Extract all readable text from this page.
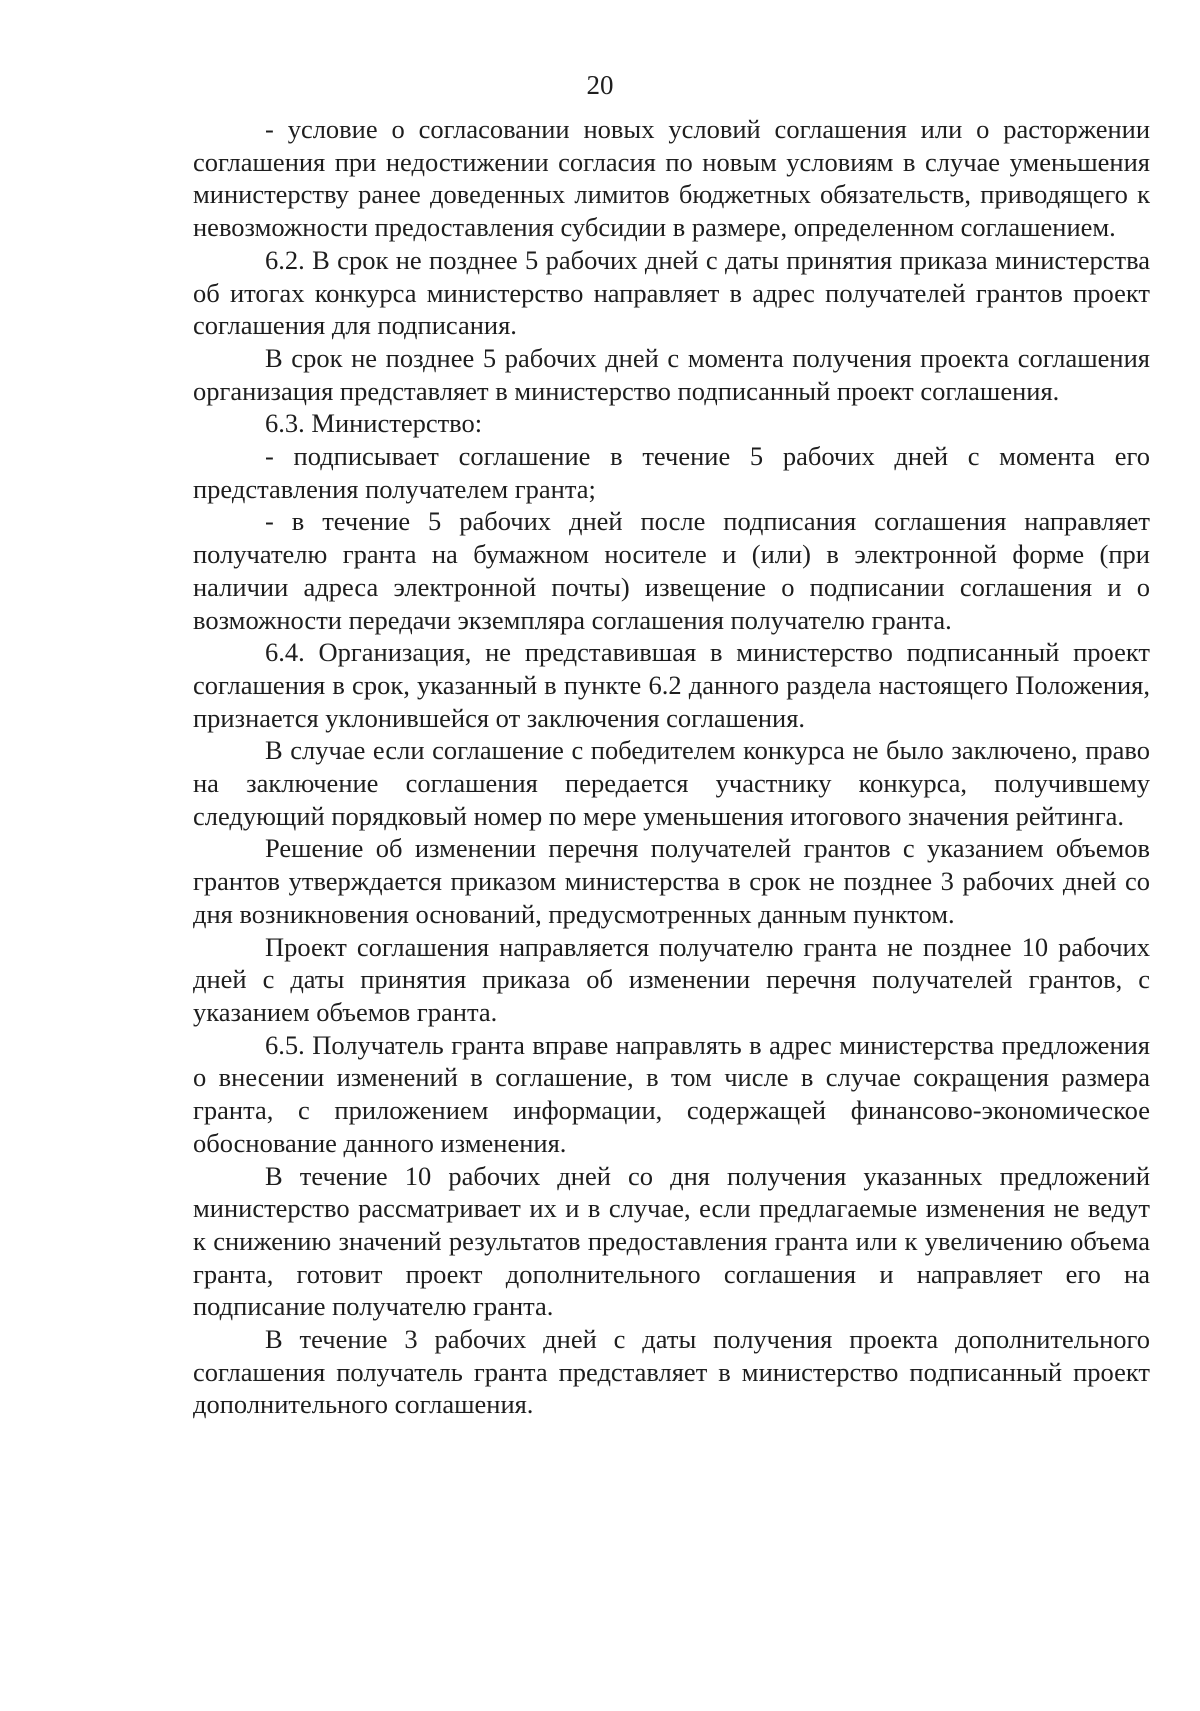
20

- условие о согласовании новых условий соглашения или о расторжении соглашения при недостижении согласия по новым условиям в случае уменьшения министерству ранее доведенных лимитов бюджетных обязательств, приводящего к невозможности предоставления субсидии в размере, определенном соглашением.

6.2. В срок не позднее 5 рабочих дней с даты принятия приказа министерства об итогах конкурса министерство направляет в адрес получателей грантов проект соглашения для подписания.

В срок не позднее 5 рабочих дней с момента получения проекта соглашения организация представляет в министерство подписанный проект соглашения.

6.3. Министерство:

- подписывает соглашение в течение 5 рабочих дней с момента его представления получателем гранта;

- в течение 5 рабочих дней после подписания соглашения направляет получателю гранта на бумажном носителе и (или) в электронной форме (при наличии адреса электронной почты) извещение о подписании соглашения и о возможности передачи экземпляра соглашения получателю гранта.

6.4. Организация, не представившая в министерство подписанный проект соглашения в срок, указанный в пункте 6.2 данного раздела настоящего Положения, признается уклонившейся от заключения соглашения.

В случае если соглашение с победителем конкурса не было заключено, право на заключение соглашения передается участнику конкурса, получившему следующий порядковый номер по мере уменьшения итогового значения рейтинга.

Решение об изменении перечня получателей грантов с указанием объемов грантов утверждается приказом министерства в срок не позднее 3 рабочих дней со дня возникновения оснований, предусмотренных данным пунктом.

Проект соглашения направляется получателю гранта не позднее 10 рабочих дней с даты принятия приказа об изменении перечня получателей грантов, с указанием объемов гранта.

6.5. Получатель гранта вправе направлять в адрес министерства предложения о внесении изменений в соглашение, в том числе в случае сокращения размера гранта, с приложением информации, содержащей финансово-экономическое обоснование данного изменения.

В течение 10 рабочих дней со дня получения указанных предложений министерство рассматривает их и в случае, если предлагаемые изменения не ведут к снижению значений результатов предоставления гранта или к увеличению объема гранта, готовит проект дополнительного соглашения и направляет его на подписание получателю гранта.

В течение 3 рабочих дней с даты получения проекта дополнительного соглашения получатель гранта представляет в министерство подписанный проект дополнительного соглашения.
